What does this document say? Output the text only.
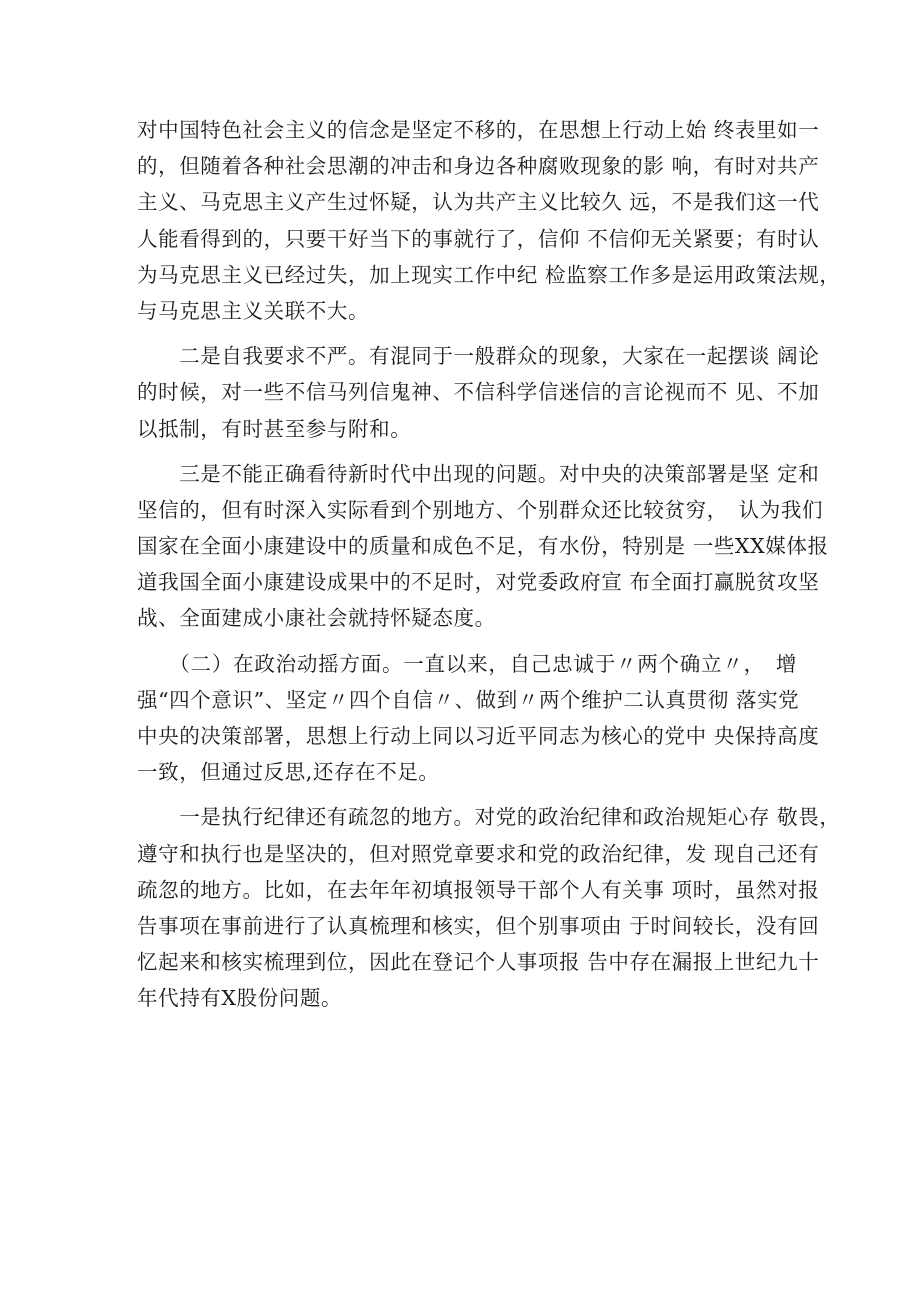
对中国特色社会主义的信念是坚定不移的，在思想上行动上始 终表里如一
的，但随着各种社会思潮的冲击和身边各种腐败现象的影 响，有时对共产
主义、马克思主义产生过怀疑，认为共产主义比较久 远，不是我们这一代
人能看得到的，只要干好当下的事就行了，信仰 不信仰无关紧要；有时认
为马克思主义已经过失，加上现实工作中纪 检监察工作多是运用政策法规，
与马克思主义关联不大。
　　二是自我要求不严。有混同于一般群众的现象，大家在一起摆谈 阔论
的时候，对一些不信马列信鬼神、不信科学信迷信的言论视而不 见、不加
以抵制，有时甚至参与附和。
　　三是不能正确看待新时代中出现的问题。对中央的决策部署是坚 定和
坚信的，但有时深入实际看到个别地方、个别群众还比较贫穷，　认为我们
国家在全面小康建设中的质量和成色不足，有水份，特别是 一些XX媒体报
道我国全面小康建设成果中的不足时，对党委政府宣 布全面打赢脱贫攻坚
战、全面建成小康社会就持怀疑态度。
　　（二）在政治动摇方面。一直以来，自己忠诚于〃两个确立〃，　增
强“四个意识”、坚定〃四个自信〃、做到〃两个维护二认真贯彻 落实党
中央的决策部署，思想上行动上同以习近平同志为核心的党中 央保持高度
一致，但通过反思,还存在不足。
　　一是执行纪律还有疏忽的地方。对党的政治纪律和政治规矩心存 敬畏，
遵守和执行也是坚决的，但对照党章要求和党的政治纪律，发 现自己还有
疏忽的地方。比如，在去年年初填报领导干部个人有关事 项时，虽然对报
告事项在事前进行了认真梳理和核实，但个别事项由 于时间较长，没有回
忆起来和核实梳理到位，因此在登记个人事项报 告中存在漏报上世纪九十
年代持有X股份问题。
